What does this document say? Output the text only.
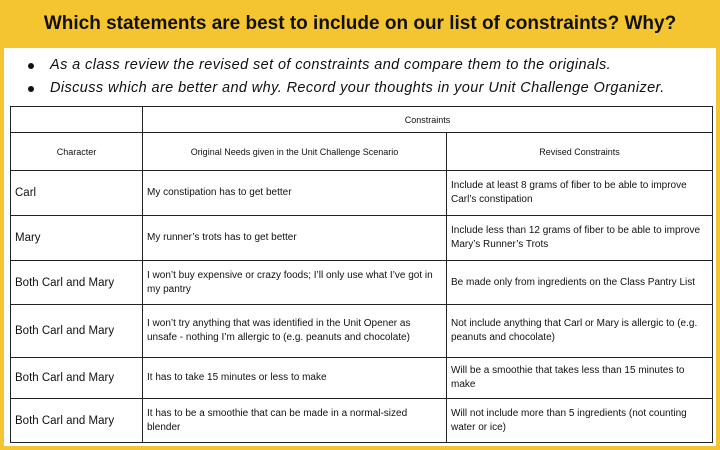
Which statements are best to include on our list of constraints? Why?
As a class review the revised set of constraints and compare them to the originals.
Discuss which are better and why. Record your thoughts in your Unit Challenge Organizer.
	Constraints	
Character	Original Needs given in the Unit Challenge Scenario	Revised Constraints
Carl	My constipation has to get better	Include at least 8 grams of fiber to be able to improve Carl’s constipation
Mary	My runner’s trots has to get better	Include less than 12 grams of fiber to be able to improve Mary’s Runner’s Trots
Both Carl and Mary	I won’t buy expensive or crazy foods; I’ll only use what I’ve got in my pantry	Be made only from ingredients on the Class Pantry List
Both Carl and Mary	I won’t try anything that was identified in the Unit Opener as unsafe - nothing I’m allergic to (e.g. peanuts and chocolate)	Not include anything that Carl or Mary is allergic to (e.g. peanuts and chocolate)
Both Carl and Mary	It has to take 15 minutes or less to make	Will be a smoothie that takes less than 15 minutes to make
Both Carl and Mary	It has to be a smoothie that can be made in a normal-sized blender	Will not include more than 5 ingredients (not counting water or ice)
